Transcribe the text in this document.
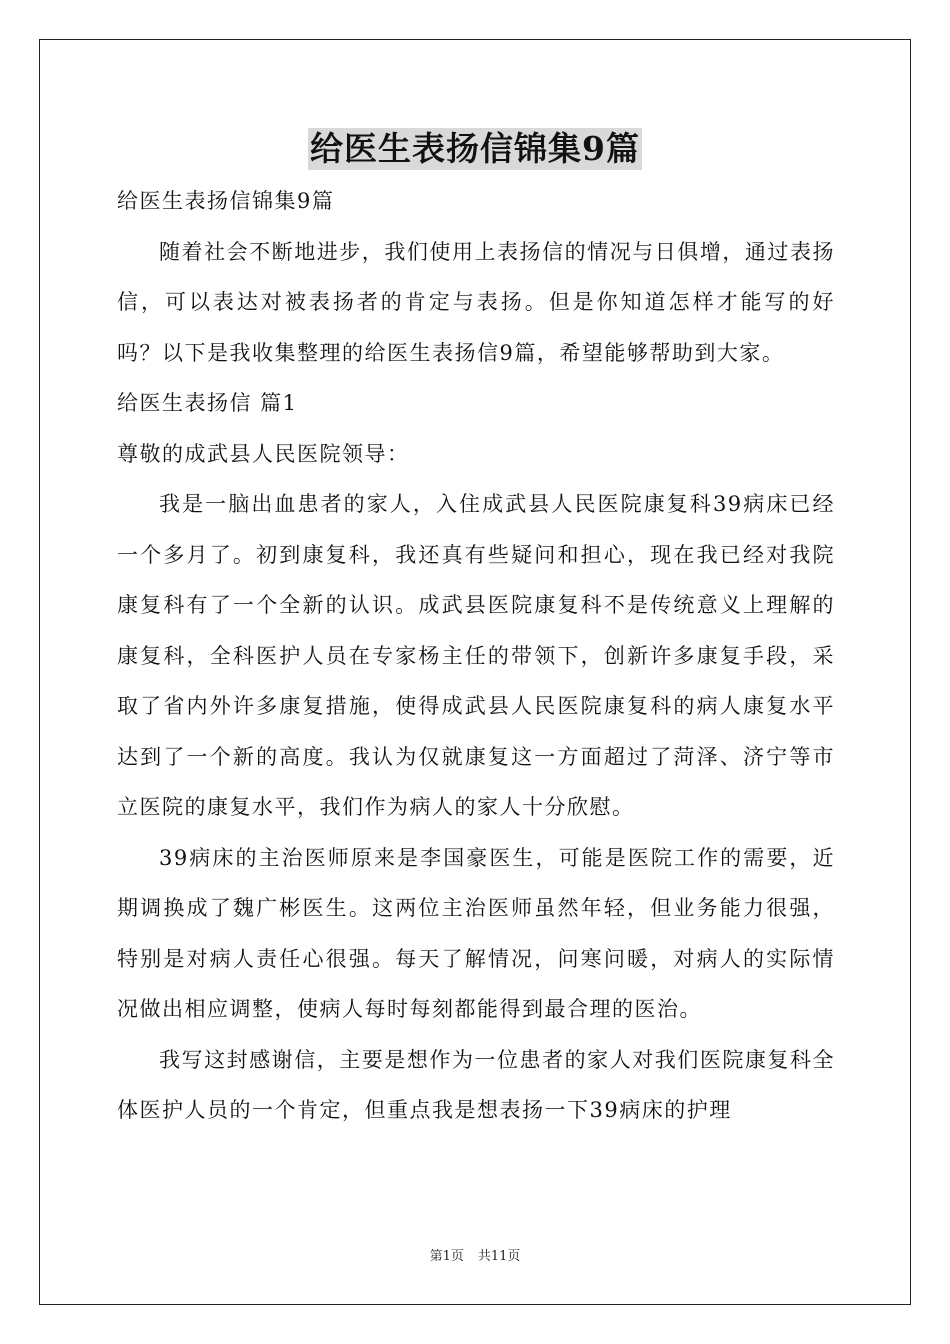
给医生表扬信锦集9篇

给医生表扬信锦集9篇

随着社会不断地进步，我们使用上表扬信的情况与日俱增，通过表扬信，可以表达对被表扬者的肯定与表扬。但是你知道怎样才能写的好吗？以下是我收集整理的给医生表扬信9篇，希望能够帮助到大家。

给医生表扬信 篇1

尊敬的成武县人民医院领导：

我是一脑出血患者的家人，入住成武县人民医院康复科39病床已经一个多月了。初到康复科，我还真有些疑问和担心，现在我已经对我院康复科有了一个全新的认识。成武县医院康复科不是传统意义上理解的康复科，全科医护人员在专家杨主任的带领下，创新许多康复手段，采取了省内外许多康复措施，使得成武县人民医院康复科的病人康复水平达到了一个新的高度。我认为仅就康复这一方面超过了菏泽、济宁等市立医院的康复水平，我们作为病人的家人十分欣慰。

39病床的主治医师原来是李国豪医生，可能是医院工作的需要，近期调换成了魏广彬医生。这两位主治医师虽然年轻，但业务能力很强，特别是对病人责任心很强。每天了解情况，问寒问暖，对病人的实际情况做出相应调整，使病人每时每刻都能得到最合理的医治。

我写这封感谢信，主要是想作为一位患者的家人对我们医院康复科全体医护人员的一个肯定，但重点我是想表扬一下39病床的护理

第1页 共11页
